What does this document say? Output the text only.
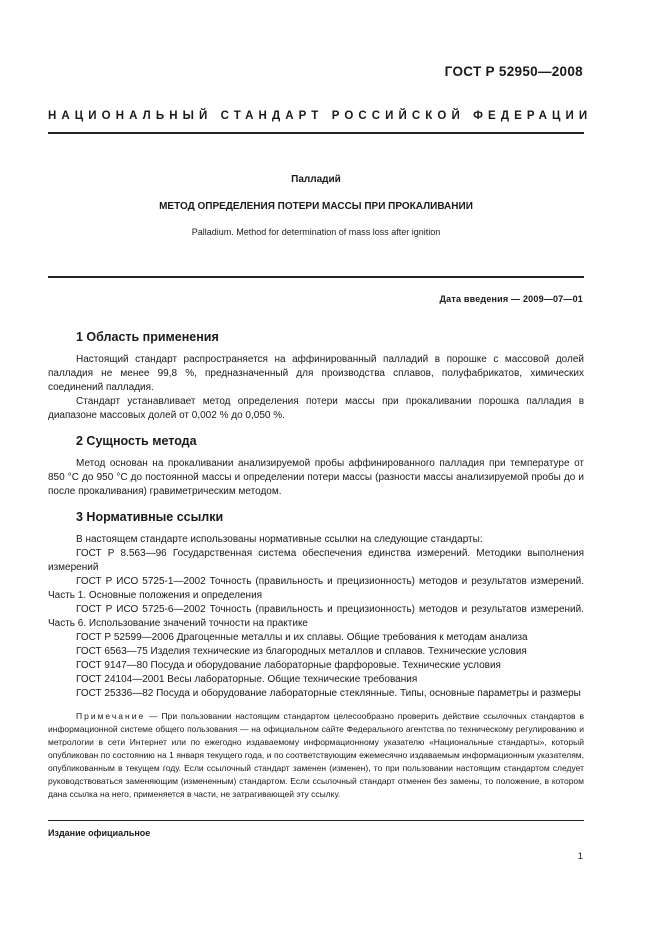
ГОСТ Р 52950—2008
НАЦИОНАЛЬНЫЙ СТАНДАРТ РОССИЙСКОЙ ФЕДЕРАЦИИ
Палладий
МЕТОД ОПРЕДЕЛЕНИЯ ПОТЕРИ МАССЫ ПРИ ПРОКАЛИВАНИИ
Palladium. Method for determination of mass loss after ignition
Дата введения — 2009—07—01
1 Область применения

Настоящий стандарт распространяется на аффинированный палладий в порошке с массовой долей палладия не менее 99,8 %, предназначенный для производства сплавов, полуфабрикатов, химических соединений палладия.

Стандарт устанавливает метод определения потери массы при прокаливании порошка палладия в диапазоне массовых долей от 0,002 % до 0,050 %.

2 Сущность метода

Метод основан на прокаливании анализируемой пробы аффинированного палладия при температуре от 850 °С до 950 °С до постоянной массы и определении потери массы (разности массы анализируемой пробы до и после прокаливания) гравиметрическим методом.

3 Нормативные ссылки

В настоящем стандарте использованы нормативные ссылки на следующие стандарты:

ГОСТ Р 8.563—96 Государственная система обеспечения единства измерений. Методики выполнения измерений

ГОСТ Р ИСО 5725-1—2002 Точность (правильность и прецизионность) методов и результатов измерений. Часть 1. Основные положения и определения

ГОСТ Р ИСО 5725-6—2002 Точность (правильность и прецизионность) методов и результатов измерений. Часть 6. Использование значений точности на практике

ГОСТ Р 52599—2006 Драгоценные металлы и их сплавы. Общие требования к методам анализа

ГОСТ 6563—75 Изделия технические из благородных металлов и сплавов. Технические условия

ГОСТ 9147—80 Посуда и оборудование лабораторные фарфоровые. Технические условия

ГОСТ 24104—2001 Весы лабораторные. Общие технические требования

ГОСТ 25336—82 Посуда и оборудование лабораторные стеклянные. Типы, основные параметры и размеры

Примечание — При пользовании настоящим стандартом целесообразно проверить действие ссылочных стандартов в информационной системе общего пользования — на официальном сайте Федерального агентства по техническому регулированию и метрологии в сети Интернет или по ежегодно издаваемому информационному указателю «Национальные стандарты», который опубликован по состоянию на 1 января текущего года, и по соответствующим ежемесячно издаваемым информационным указателям, опубликованным в текущем году. Если ссылочный стандарт заменен (изменен), то при пользовании настоящим стандартом следует руководствоваться заменяющим (измененным) стандартом. Если ссылочный стандарт отменен без замены, то положение, в котором дана ссылка на него, применяется в части, не затрагивающей эту ссылку.

Издание официальное
1
